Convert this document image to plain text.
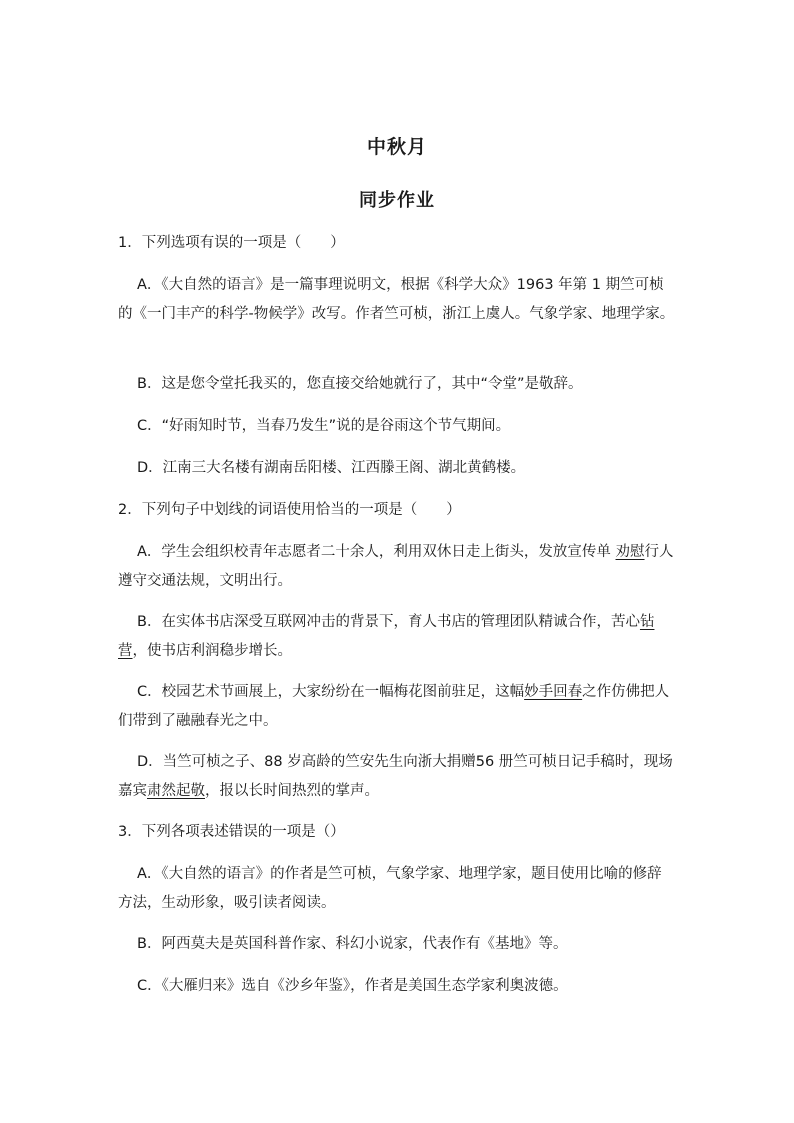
中秋月
同步作业

1．下列选项有误的一项是（　　）

A．《大自然的语言》是一篇事理说明文，根据《科学大众》1963 年第 1 期竺可桢的《一门丰产的科学-物候学》改写。作者竺可桢，浙江上虞人。气象学家、地理学家。

B．这是您令堂托我买的，您直接交给她就行了，其中“令堂”是敬辞。

C．“好雨知时节，当春乃发生”说的是谷雨这个节气期间。

D．江南三大名楼有湖南岳阳楼、江西滕王阁、湖北黄鹤楼。

2．下列句子中划线的词语使用恰当的一项是（　　）

A．学生会组织校青年志愿者二十余人，利用双休日走上街头，发放宣传单 劝慰行人遵守交通法规，文明出行。

B．在实体书店深受互联网冲击的背景下，育人书店的管理团队精诚合作，苦心钻营，使书店利润稳步增长。

C．校园艺术节画展上，大家纷纷在一幅梅花图前驻足，这幅妙手回春之作仿佛把人们带到了融融春光之中。

D．当竺可桢之子、88 岁高龄的竺安先生向浙大捐赠56 册竺可桢日记手稿时，现场嘉宾肃然起敬，报以长时间热烈的掌声。

3．下列各项表述错误的一项是（）

A．《大自然的语言》的作者是竺可桢，气象学家、地理学家，题目使用比喻的修辞方法，生动形象，吸引读者阅读。

B．阿西莫夫是英国科普作家、科幻小说家，代表作有《基地》等。

C．《大雁归来》选自《沙乡年鉴》，作者是美国生态学家利奥波德。
